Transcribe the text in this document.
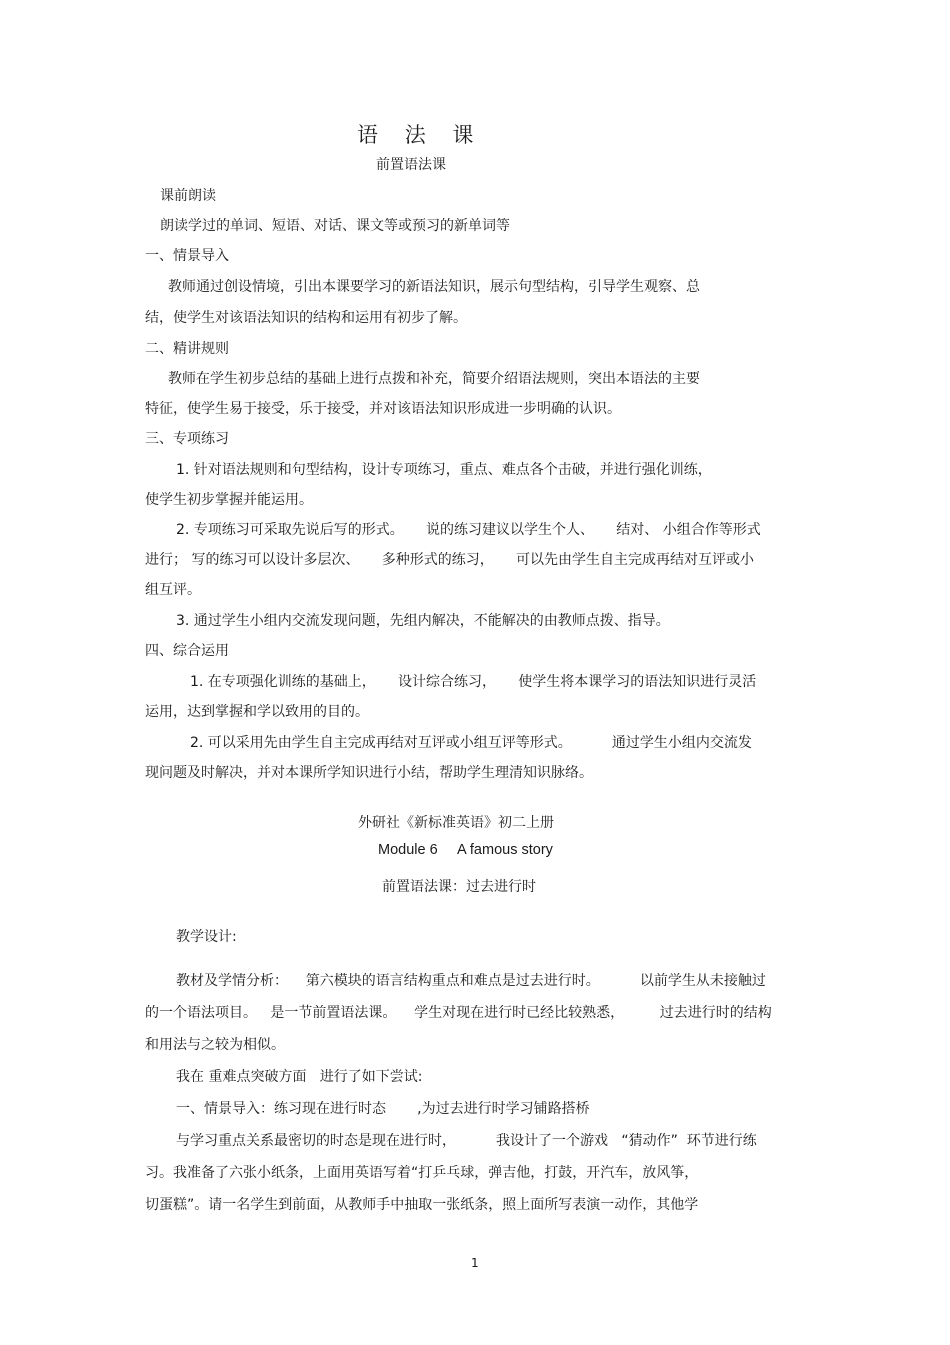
语    法    课
前置语法课
课前朗读
朗读学过的单词、短语、对话、课文等或预习的新单词等
一、情景导入
教师通过创设情境，引出本课要学习的新语法知识，展示句型结构，引导学生观察、总
结，使学生对该语法知识的结构和运用有初步了解。
二、精讲规则
教师在学生初步总结的基础上进行点拨和补充，简要介绍语法规则，突出本语法的主要
特征，使学生易于接受，乐于接受，并对该语法知识形成进一步明确的认识。
三、专项练习
1. 针对语法规则和句型结构，设计专项练习，重点、难点各个击破，并进行强化训练，
使学生初步掌握并能运用。
2. 专项练习可采取先说后写的形式。     说的练习建议以学生个人、     结对、 小组合作等形式
进行； 写的练习可以设计多层次、     多种形式的练习，     可以先由学生自主完成再结对互评或小
组互评。
3. 通过学生小组内交流发现问题，先组内解决，不能解决的由教师点拨、指导。
四、综合运用
1. 在专项强化训练的基础上，     设计综合练习，     使学生将本课学习的语法知识进行灵活
运用，达到掌握和学以致用的目的。
2. 可以采用先由学生自主完成再结对互评或小组互评等形式。         通过学生小组内交流发
现问题及时解决，并对本课所学知识进行小结，帮助学生理清知识脉络。
外研社《新标准英语》初二上册
Module 6     A famous story
前置语法课：过去进行时
教学设计:
教材及学情分析：    第六模块的语言结构重点和难点是过去进行时。         以前学生从未接触过
的一个语法项目。   是一节前置语法课。    学生对现在进行时已经比较熟悉，        过去进行时的结构
和用法与之较为相似。
我在 重难点突破方面   进行了如下尝试:
一、情景导入：练习现在进行时态       ,为过去进行时学习铺路搭桥
与学习重点关系最密切的时态是现在进行时，         我设计了一个游戏   “猜动作”  环节进行练
习。我准备了六张小纸条，上面用英语写着“打乒乓球，弹吉他，打鼓，开汽车，放风筝，
切蛋糕”。请一名学生到前面，从教师手中抽取一张纸条，照上面所写表演一动作，其他学
1
